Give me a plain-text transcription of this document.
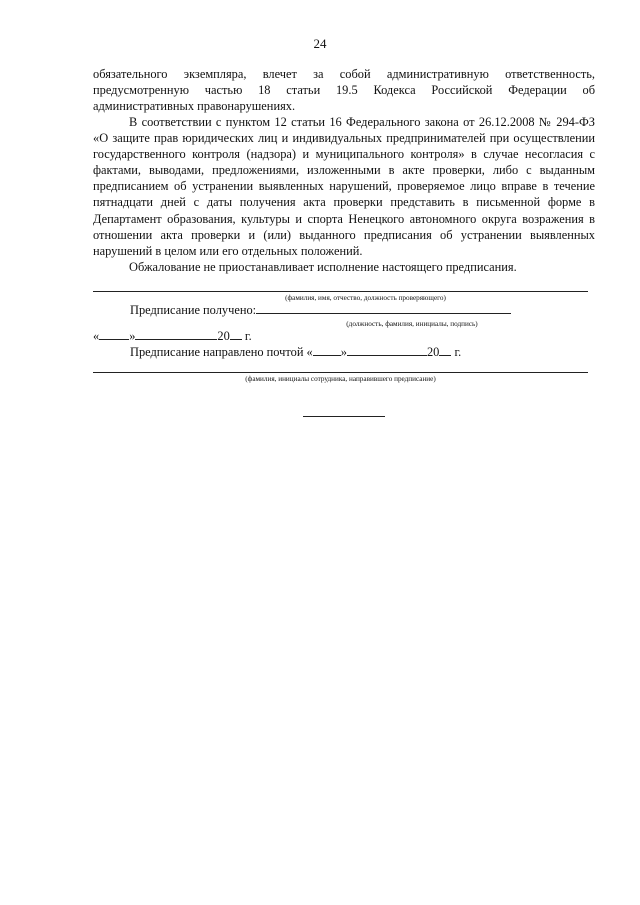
24

обязательного экземпляра, влечет за собой административную ответственность, предусмотренную частью 18 статьи 19.5 Кодекса Российской Федерации об административных правонарушениях.

В соответствии с пунктом 12 статьи 16 Федерального закона от 26.12.2008 № 294-ФЗ «О защите прав юридических лиц и индивидуальных предпринимателей при осуществлении государственного контроля (надзора) и муниципального контроля» в случае несогласия с фактами, выводами, предложениями, изложенными в акте проверки, либо с выданным предписанием об устранении выявленных нарушений, проверяемое лицо вправе в течение пятнадцати дней с даты получения акта проверки представить в письменной форме в Департамент образования, культуры и спорта Ненецкого автономного округа возражения в отношении акта проверки и (или) выданного предписания об устранении выявленных нарушений в целом или его отдельных положений.

Обжалование не приостанавливает исполнение настоящего предписания.

(фамилия, имя, отчество, должность проверяющего)
Предписание получено:
(должность, фамилия, инициалы, подпись)
« »	20 г.
Предписание направлено почтой « »	20 г.
(фамилия, инициалы сотрудника, направившего предписание)
